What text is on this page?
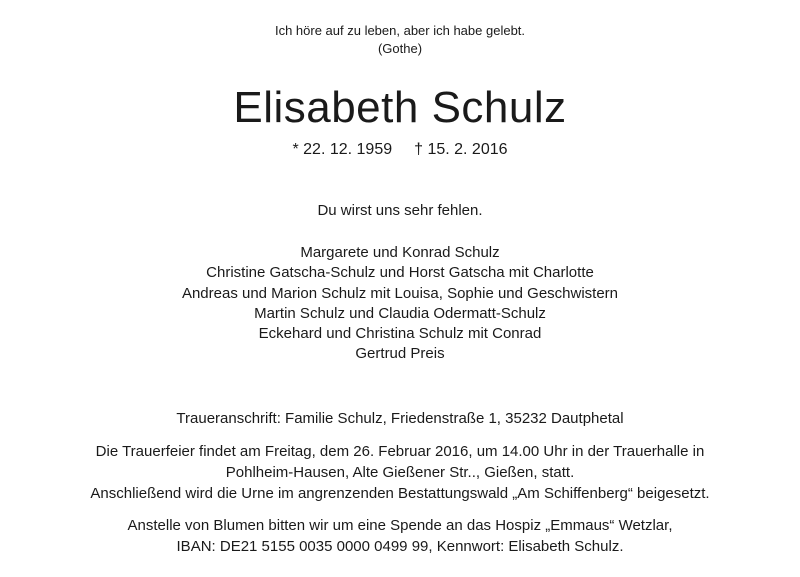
Ich höre auf zu leben, aber ich habe gelebt.
(Gothe)
Elisabeth Schulz
* 22. 12. 1959 † 15. 2. 2016
Du wirst uns sehr fehlen.
Margarete und Konrad Schulz
Christine Gatscha-Schulz und Horst Gatscha mit Charlotte
Andreas und Marion Schulz mit Louisa, Sophie und Geschwistern
Martin Schulz und Claudia Odermatt-Schulz
Eckehard und Christina Schulz mit Conrad
Gertrud Preis
Traueranschrift: Familie Schulz, Friedenstraße 1, 35232 Dautphetal
Die Trauerfeier findet am Freitag, dem 26. Februar 2016, um 14.00 Uhr in der Trauerhalle in
Pohlheim-Hausen, Alte Gießener Str.., Gießen, statt.
Anschließend wird die Urne im angrenzenden Bestattungswald „Am Schiffenberg“ beigesetzt.
Anstelle von Blumen bitten wir um eine Spende an das Hospiz „Emmaus“ Wetzlar,
IBAN: DE21 5155 0035 0000 0499 99, Kennwort: Elisabeth Schulz.
